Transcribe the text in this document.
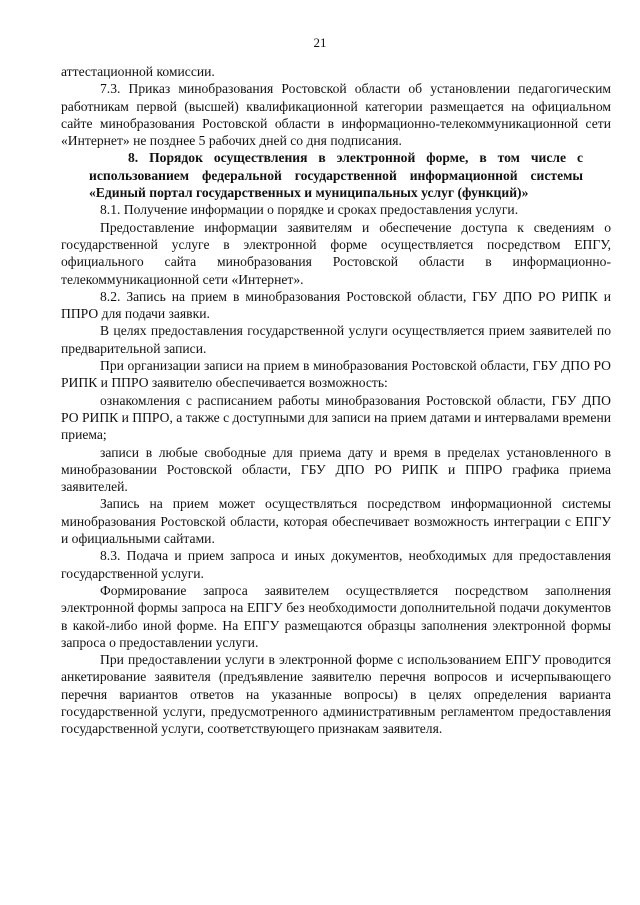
21

аттестационной комиссии.

7.3. Приказ минобразования Ростовской области об установлении педагогическим работникам первой (высшей) квалификационной категории размещается на официальном сайте минобразования Ростовской области в информационно-телекоммуникационной сети «Интернет» не позднее 5 рабочих дней со дня подписания.

8. Порядок осуществления в электронной форме, в том числе с использованием федеральной государственной информационной системы «Единый портал государственных и муниципальных услуг (функций)»

8.1. Получение информации о порядке и сроках предоставления услуги.

Предоставление информации заявителям и обеспечение доступа к сведениям о государственной услуге в электронной форме осуществляется посредством ЕПГУ, официального сайта минобразования Ростовской области в информационно-телекоммуникационной сети «Интернет».

8.2. Запись на прием в минобразования Ростовской области, ГБУ ДПО РО РИПК и ППРО для подачи заявки.

В целях предоставления государственной услуги осуществляется прием заявителей по предварительной записи.

При организации записи на прием в минобразования Ростовской области, ГБУ ДПО РО РИПК и ППРО заявителю обеспечивается возможность:

ознакомления с расписанием работы минобразования Ростовской области, ГБУ ДПО РО РИПК и ППРО, а также с доступными для записи на прием датами и интервалами времени приема;

записи в любые свободные для приема дату и время в пределах установленного в минобразовании Ростовской области, ГБУ ДПО РО РИПК и ППРО графика приема заявителей.

Запись на прием может осуществляться посредством информационной системы минобразования Ростовской области, которая обеспечивает возможность интеграции с ЕПГУ и официальными сайтами.

8.3. Подача и прием запроса и иных документов, необходимых для предоставления государственной услуги.

Формирование запроса заявителем осуществляется посредством заполнения электронной формы запроса на ЕПГУ без необходимости дополнительной подачи документов в какой-либо иной форме. На ЕПГУ размещаются образцы заполнения электронной формы запроса о предоставлении услуги.

При предоставлении услуги в электронной форме с использованием ЕПГУ проводится анкетирование заявителя (предъявление заявителю перечня вопросов и исчерпывающего перечня вариантов ответов на указанные вопросы) в целях определения варианта государственной услуги, предусмотренного административным регламентом предоставления государственной услуги, соответствующего признакам заявителя.
